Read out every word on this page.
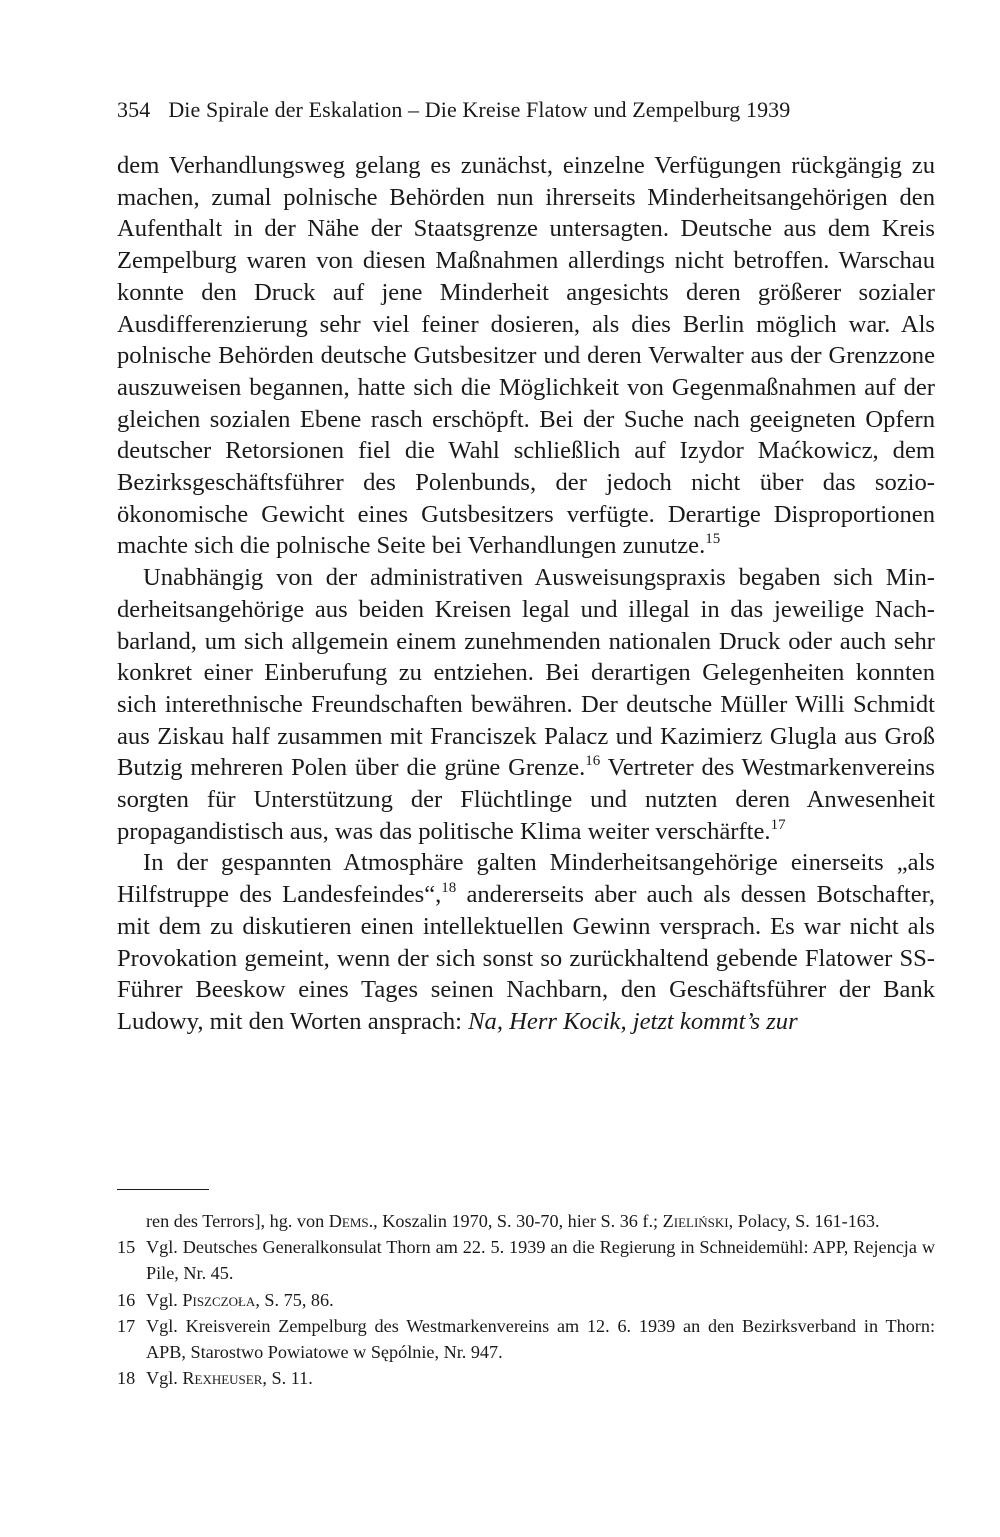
354 Die Spirale der Eskalation – Die Kreise Flatow und Zempelburg 1939

dem Verhandlungsweg gelang es zunächst, einzelne Verfügungen rückgängig zu machen, zumal polnische Behörden nun ihrerseits Minderheitsangehörigen den Aufenthalt in der Nähe der Staatsgrenze untersagten. Deutsche aus dem Kreis Zempelburg waren von diesen Maßnahmen allerdings nicht betroffen. Warschau konnte den Druck auf jene Minderheit angesichts deren größerer sozialer Ausdifferenzierung sehr viel feiner dosieren, als dies Berlin möglich war. Als polnische Behörden deutsche Gutsbesitzer und deren Verwalter aus der Grenzzone auszuweisen begannen, hatte sich die Möglichkeit von Gegenmaßnahmen auf der gleichen sozialen Ebene rasch erschöpft. Bei der Suche nach geeigneten Opfern deutscher Retorsionen fiel die Wahl schließlich auf Izydor Maćkowicz, dem Bezirksgeschäftsführer des Polenbunds, der jedoch nicht über das sozioökonomische Gewicht eines Gutsbesitzers verfügte. Derartige Disproportionen machte sich die polnische Seite bei Verhandlungen zunutze.$^{15}$

Unabhängig von der administrativen Ausweisungspraxis begaben sich Minderheitsangehörige aus beiden Kreisen legal und illegal in das jeweilige Nachbarland, um sich allgemein einem zunehmenden nationalen Druck oder auch sehr konkret einer Einberufung zu entziehen. Bei derartigen Gelegenheiten konnten sich interethnische Freundschaften bewähren. Der deutsche Müller Willi Schmidt aus Ziskau half zusammen mit Franciszek Palacz und Kazimierz Glugla aus Groß Butzig mehreren Polen über die grüne Grenze.$^{16}$ Vertreter des Westmarkenvereins sorgten für Unterstützung der Flüchtlinge und nutzten deren Anwesenheit propagandistisch aus, was das politische Klima weiter verschärfte.$^{17}$

In der gespannten Atmosphäre galten Minderheitsangehörige einerseits „als Hilfstruppe des Landesfeindes“,$^{18}$ andererseits aber auch als dessen Botschafter, mit dem zu diskutieren einen intellektuellen Gewinn versprach. Es war nicht als Provokation gemeint, wenn der sich sonst so zurückhaltend gebende Flatower SS-Führer Beeskow eines Tages seinen Nachbarn, den Geschäftsführer der Bank Ludowy, mit den Worten ansprach: Na, Herr Kocik, jetzt kommt’s zur

ren des Terrors], hg. von Dems., Koszalin 1970, S. 30-70, hier S. 36 f.; Zieliński, Polacy, S. 161-163.
15 Vgl. Deutsches Generalkonsulat Thorn am 22. 5. 1939 an die Regierung in Schneidemühl: APP, Rejencja w Pile, Nr. 45.
16 Vgl. Piszczoła, S. 75, 86.
17 Vgl. Kreisverein Zempelburg des Westmarkenvereins am 12. 6. 1939 an den Bezirksverband in Thorn: APB, Starostwo Powiatowe w Sępólnie, Nr. 947.
18 Vgl. Rexheuser, S. 11.
